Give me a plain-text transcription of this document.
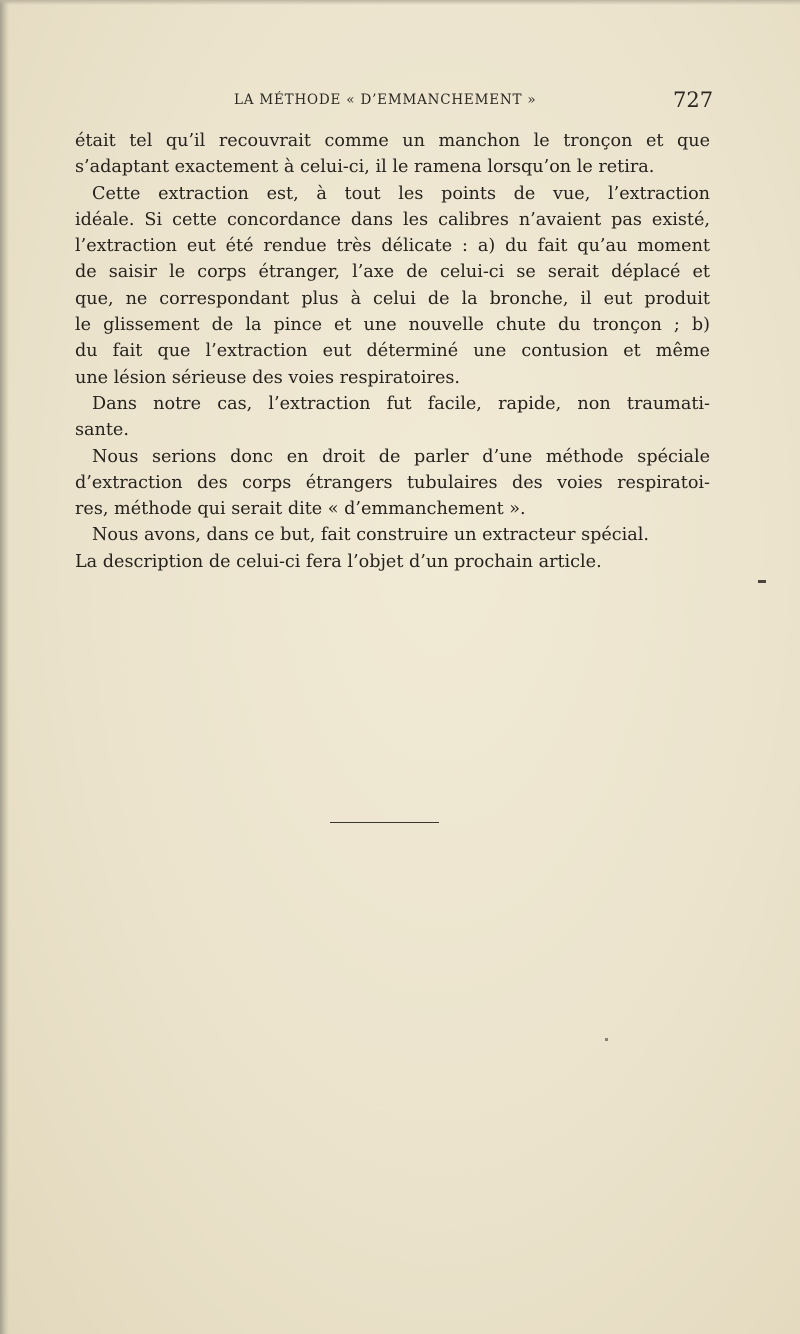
LA MÉTHODE « D’EMMANCHEMENT »	727
était tel qu’il recouvrait comme un manchon le tronçon et que
s’adaptant exactement à celui-ci, il le ramena lorsqu’on le retira.
Cette extraction est, à tout les points de vue, l’extraction
idéale. Si cette concordance dans les calibres n’avaient pas existé,
l’extraction eut été rendue très délicate : a) du fait qu’au moment
de saisir le corps étranger, l’axe de celui-ci se serait déplacé et
que, ne correspondant plus à celui de la bronche, il eut produit
le glissement de la pince et une nouvelle chute du tronçon ; b)
du fait que l’extraction eut déterminé une contusion et même
une lésion sérieuse des voies respiratoires.
Dans notre cas, l’extraction fut facile, rapide, non traumati-
sante.
Nous serions donc en droit de parler d’une méthode spéciale
d’extraction des corps étrangers tubulaires des voies respiratoi-
res, méthode qui serait dite « d’emmanchement ».
Nous avons, dans ce but, fait construire un extracteur spécial.
La description de celui-ci fera l’objet d’un prochain article.
